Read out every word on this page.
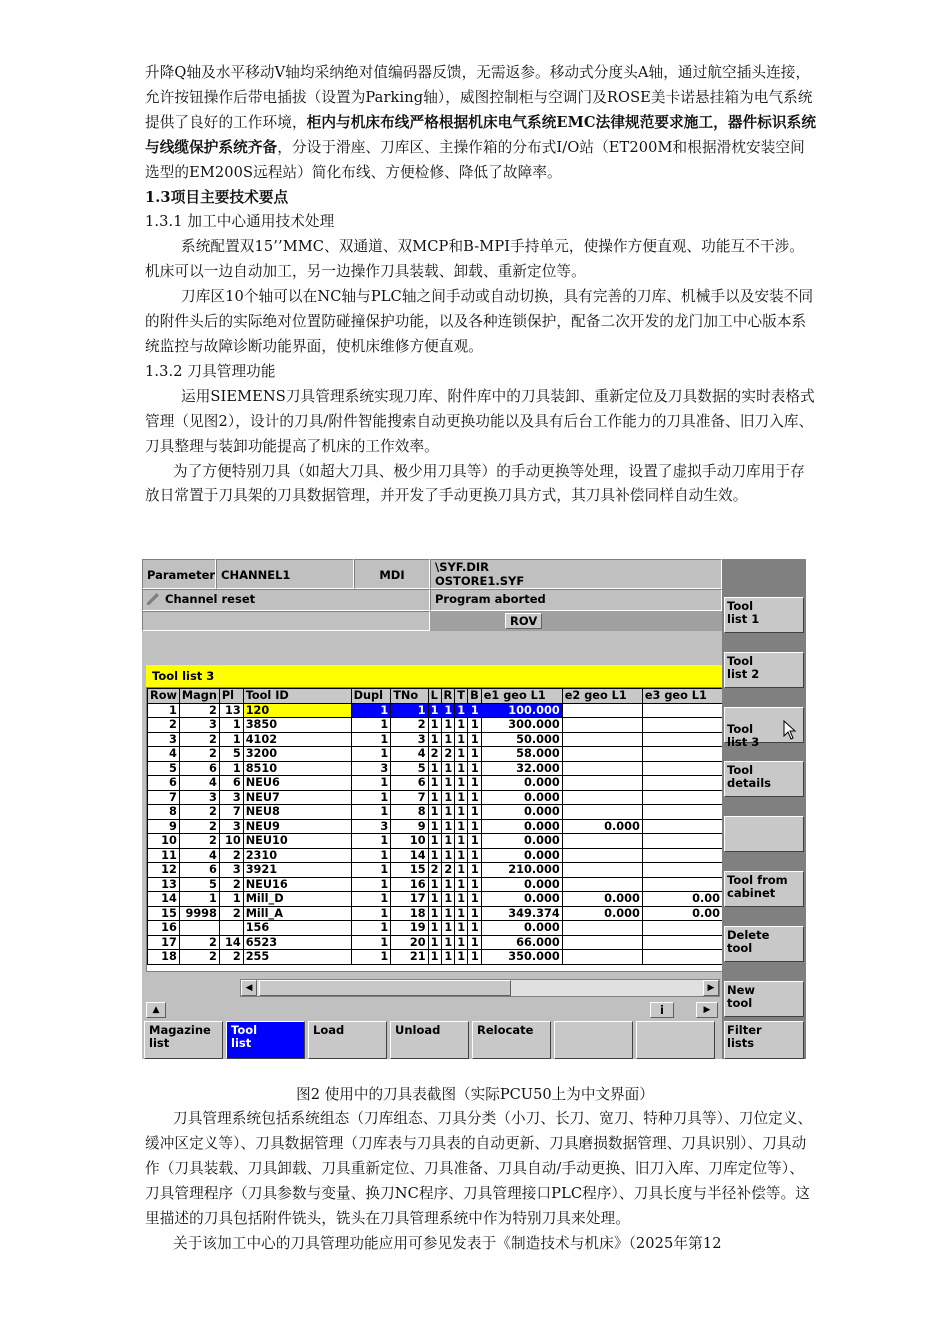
升降Q轴及水平移动V轴均采纳绝对值编码器反馈，无需返参。移动式分度头A轴，通过航空插头连接，允许按钮操作后带电插拔（设置为Parking轴），威图控制柜与空调门及ROSE美卡诺悬挂箱为电气系统提供了良好的工作环境，柜内与机床布线严格根据机床电气系统EMC法律规范要求施工，器件标识系统与线缆保护系统齐备，分设于滑座、刀库区、主操作箱的分布式I/O站（ET200M和根据滑枕安装空间选型的EM200S远程站）简化布线、方便检修、降低了故障率。

1.3项目主要技术要点

1.3.1 加工中心通用技术处理

系统配置双15’’MMC、双通道、双MCP和B-MPI手持单元，使操作方便直观、功能互不干涉。机床可以一边自动加工，另一边操作刀具装载、卸载、重新定位等。

刀库区10个轴可以在NC轴与PLC轴之间手动或自动切换，具有完善的刀库、机械手以及安装不同的附件头后的实际绝对位置防碰撞保护功能，以及各种连锁保护，配备二次开发的龙门加工中心版本系统监控与故障诊断功能界面，使机床维修方便直观。

1.3.2 刀具管理功能

运用SIEMENS刀具管理系统实现刀库、附件库中的刀具装卸、重新定位及刀具数据的实时表格式管理（见图2），设计的刀具/附件智能搜索自动更换功能以及具有后台工作能力的刀具准备、旧刀入库、刀具整理与装卸功能提高了机床的工作效率。

为了方便特别刀具（如超大刀具、极少用刀具等）的手动更换等处理，设置了虚拟手动刀库用于存放日常置于刀具架的刀具数据管理，并开发了手动更换刀具方式，其刀具补偿同样自动生效。

Parameter CHANNEL1	MDI
\SYF.DIR
OSTORE1.SYF
Channel reset	Program aborted
ROV
Tool list 3
Row	Magn	Pl	Tool ID	Dupl	TNo	L	R	T	B	e1 geo L1	e2 geo L1	e3 geo L1
1	2	13	120	1	1	1	1	1	1	100.000		
2	3	1	3850	1	2	1	1	1	1	300.000		
3	2	1	4102	1	3	1	1	1	1	50.000		
4	2	5	3200	1	4	2	2	1	1	58.000		
5	6	1	8510	3	5	1	1	1	1	32.000		
6	4	6	NEU6	1	6	1	1	1	1	0.000		
7	3	3	NEU7	1	7	1	1	1	1	0.000		
8	2	7	NEU8	1	8	1	1	1	1	0.000		
9	2	3	NEU9	3	9	1	1	1	1	0.000	0.000	
10	2	10	NEU10	1	10	1	1	1	1	0.000		
11	4	2	2310	1	14	1	1	1	1	0.000		
12	6	3	3921	1	15	2	2	1	1	210.000		
13	5	2	NEU16	1	16	1	1	1	1	0.000		
14	1	1	Mill_D	1	17	1	1	1	1	0.000	0.000	0.00
15	9998	2	Mill_A	1	18	1	1	1	1	349.374	0.000	0.00
16			156	1	19	1	1	1	1	0.000		
17	2	14	6523	1	20	1	1	1	1	66.000		
18	2	2	255	1	21	1	1	1	1	350.000		
◀	▶
▲	i	▶
Magazine
list
Tool
list
Load	Unload	Relocate
Tool
list 1
Tool
list 2

Tool
list 3

Tool
details
Tool from
cabinet
Delete
tool
New
tool
Filter
lists
图2 使用中的刀具表截图（实际PCU50上为中文界面）

刀具管理系统包括系统组态（刀库组态、刀具分类（小刀、长刀、宽刀、特种刀具等）、刀位定义、缓冲区定义等）、刀具数据管理（刀库表与刀具表的自动更新、刀具磨损数据管理、刀具识别）、刀具动作（刀具装载、刀具卸载、刀具重新定位、刀具准备、刀具自动/手动更换、旧刀入库、刀库定位等）、刀具管理程序（刀具参数与变量、换刀NC程序、刀具管理接口PLC程序）、刀具长度与半径补偿等。这里描述的刀具包括附件铣头，铣头在刀具管理系统中作为特别刀具来处理。

关于该加工中心的刀具管理功能应用可参见发表于《制造技术与机床》（2025年第12
